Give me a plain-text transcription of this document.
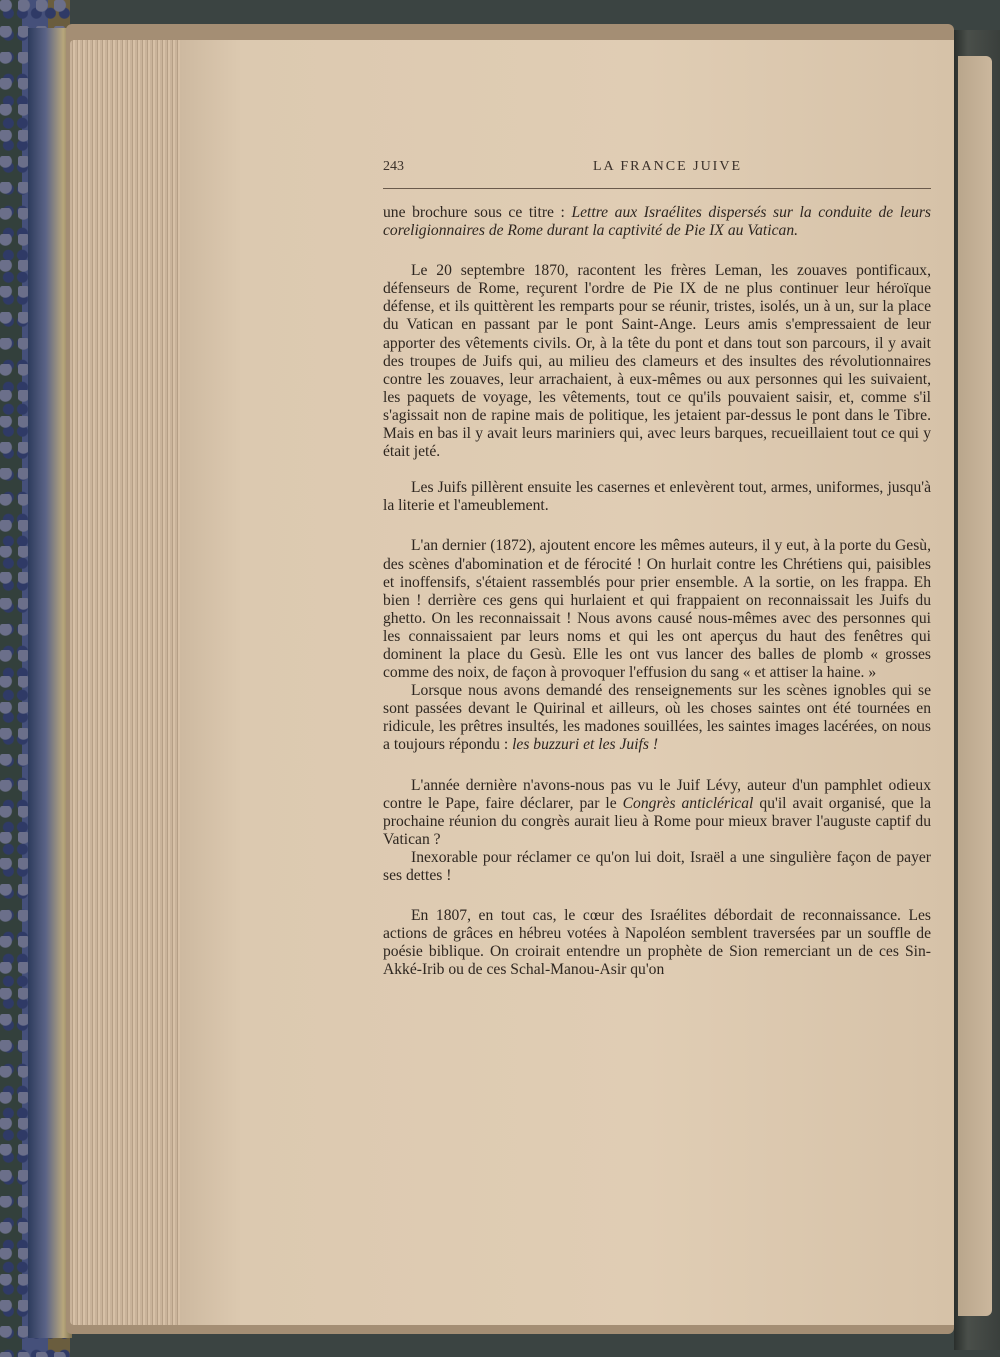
243	LA FRANCE JUIVE

une brochure sous ce titre : Lettre aux Israélites dispersés sur la conduite de leurs coreligionnaires de Rome durant la captivité de Pie IX au Vatican.

Le 20 septembre 1870, racontent les frères Leman, les zouaves pontificaux, défenseurs de Rome, reçurent l'ordre de Pie IX de ne plus continuer leur héroïque défense, et ils quittèrent les remparts pour se réunir, tristes, isolés, un à un, sur la place du Vatican en passant par le pont Saint-Ange. Leurs amis s'empressaient de leur apporter des vêtements civils. Or, à la tête du pont et dans tout son parcours, il y avait des troupes de Juifs qui, au milieu des clameurs et des insultes des révolutionnaires contre les zouaves, leur arrachaient, à eux-mêmes ou aux personnes qui les suivaient, les paquets de voyage, les vêtements, tout ce qu'ils pouvaient saisir, et, comme s'il s'agissait non de rapine mais de politique, les jetaient par-dessus le pont dans le Tibre. Mais en bas il y avait leurs mariniers qui, avec leurs barques, recueillaient tout ce qui y était jeté.

Les Juifs pillèrent ensuite les casernes et enlevèrent tout, armes, uniformes, jusqu'à la literie et l'ameublement.

L'an dernier (1872), ajoutent encore les mêmes auteurs, il y eut, à la porte du Gesù, des scènes d'abomination et de férocité ! On hurlait contre les Chrétiens qui, paisibles et inoffensifs, s'étaient rassemblés pour prier ensemble. A la sortie, on les frappa. Eh bien ! derrière ces gens qui hurlaient et qui frappaient on reconnaissait les Juifs du ghetto. On les reconnaissait ! Nous avons causé nous-mêmes avec des personnes qui les connaissaient par leurs noms et qui les ont aperçus du haut des fenêtres qui dominent la place du Gesù. Elle les ont vus lancer des balles de plomb « grosses comme des noix, de façon à provoquer l'effusion du sang « et attiser la haine. »

Lorsque nous avons demandé des renseignements sur les scènes ignobles qui se sont passées devant le Quirinal et ailleurs, où les choses saintes ont été tournées en ridicule, les prêtres insultés, les madones souillées, les saintes images lacérées, on nous a toujours répondu : les buzzuri et les Juifs !

L'année dernière n'avons-nous pas vu le Juif Lévy, auteur d'un pamphlet odieux contre le Pape, faire déclarer, par le Congrès anticlérical qu'il avait organisé, que la prochaine réunion du congrès aurait lieu à Rome pour mieux braver l'auguste captif du Vatican ?

Inexorable pour réclamer ce qu'on lui doit, Israël a une singulière façon de payer ses dettes !

En 1807, en tout cas, le cœur des Israélites débordait de reconnaissance. Les actions de grâces en hébreu votées à Napoléon semblent traversées par un souffle de poésie biblique. On croirait entendre un prophète de Sion remerciant un de ces Sin-Akké-Irib ou de ces Schal-Manou-Asir qu'on
